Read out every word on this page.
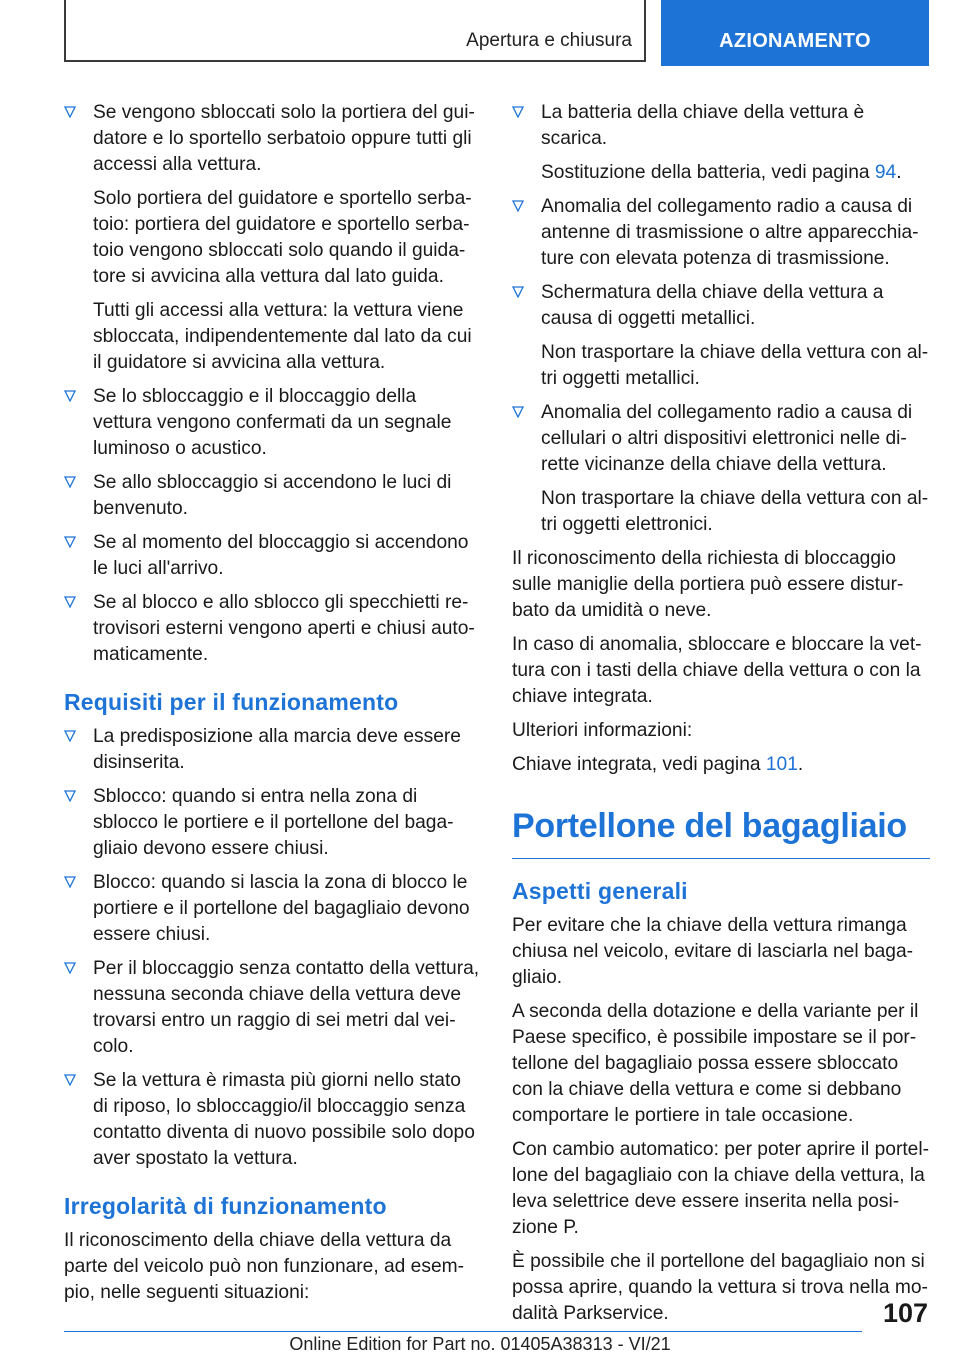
Apertura e chiusura	AZIONAMENTO

Se vengono sbloccati solo la portiera del gui-datore e lo sportello serbatoio oppure tutti gli accessi alla vettura.

Solo portiera del guidatore e sportello serba-toio: portiera del guidatore e sportello serba-toio vengono sbloccati solo quando il guida-tore si avvicina alla vettura dal lato guida.

Tutti gli accessi alla vettura: la vettura viene sbloccata, indipendentemente dal lato da cui il guidatore si avvicina alla vettura.

Se lo sbloccaggio e il bloccaggio della vettura vengono confermati da un segnale luminoso o acustico.

Se allo sbloccaggio si accendono le luci di benvenuto.

Se al momento del bloccaggio si accendono le luci all'arrivo.

Se al blocco e allo sblocco gli specchietti re-trovisori esterni vengono aperti e chiusi auto-maticamente.

Requisiti per il funzionamento

La predisposizione alla marcia deve essere disinserita.

Sblocco: quando si entra nella zona di sblocco le portiere e il portellone del baga-gliaio devono essere chiusi.

Blocco: quando si lascia la zona di blocco le portiere e il portellone del bagagliaio devono essere chiusi.

Per il bloccaggio senza contatto della vettura, nessuna seconda chiave della vettura deve trovarsi entro un raggio di sei metri dal vei-colo.

Se la vettura è rimasta più giorni nello stato di riposo, lo sbloccaggio/il bloccaggio senza contatto diventa di nuovo possibile solo dopo aver spostato la vettura.

Irregolarità di funzionamento

Il riconoscimento della chiave della vettura da parte del veicolo può non funzionare, ad esem-pio, nelle seguenti situazioni:

La batteria della chiave della vettura è scarica.

Sostituzione della batteria, vedi pagina 94.

Anomalia del collegamento radio a causa di antenne di trasmissione o altre apparecchia-ture con elevata potenza di trasmissione.

Schermatura della chiave della vettura a causa di oggetti metallici.

Non trasportare la chiave della vettura con al-tri oggetti metallici.

Anomalia del collegamento radio a causa di cellulari o altri dispositivi elettronici nelle di-rette vicinanze della chiave della vettura.

Non trasportare la chiave della vettura con al-tri oggetti elettronici.

Il riconoscimento della richiesta di bloccaggio sulle maniglie della portiera può essere distur-bato da umidità o neve.

In caso di anomalia, sbloccare e bloccare la vet-tura con i tasti della chiave della vettura o con la chiave integrata.

Ulteriori informazioni:

Chiave integrata, vedi pagina 101.

Portellone del bagagliaio
Aspetti generali

Per evitare che la chiave della vettura rimanga chiusa nel veicolo, evitare di lasciarla nel baga-gliaio.

A seconda della dotazione e della variante per il Paese specifico, è possibile impostare se il por-tellone del bagagliaio possa essere sbloccato con la chiave della vettura e come si debbano comportare le portiere in tale occasione.

Con cambio automatico: per poter aprire il portel-lone del bagagliaio con la chiave della vettura, la leva selettrice deve essere inserita nella posi-zione P.

È possibile che il portellone del bagagliaio non si possa aprire, quando la vettura si trova nella mo-dalità Parkservice.	107
Online Edition for Part no. 01405A38313 - VI/21
